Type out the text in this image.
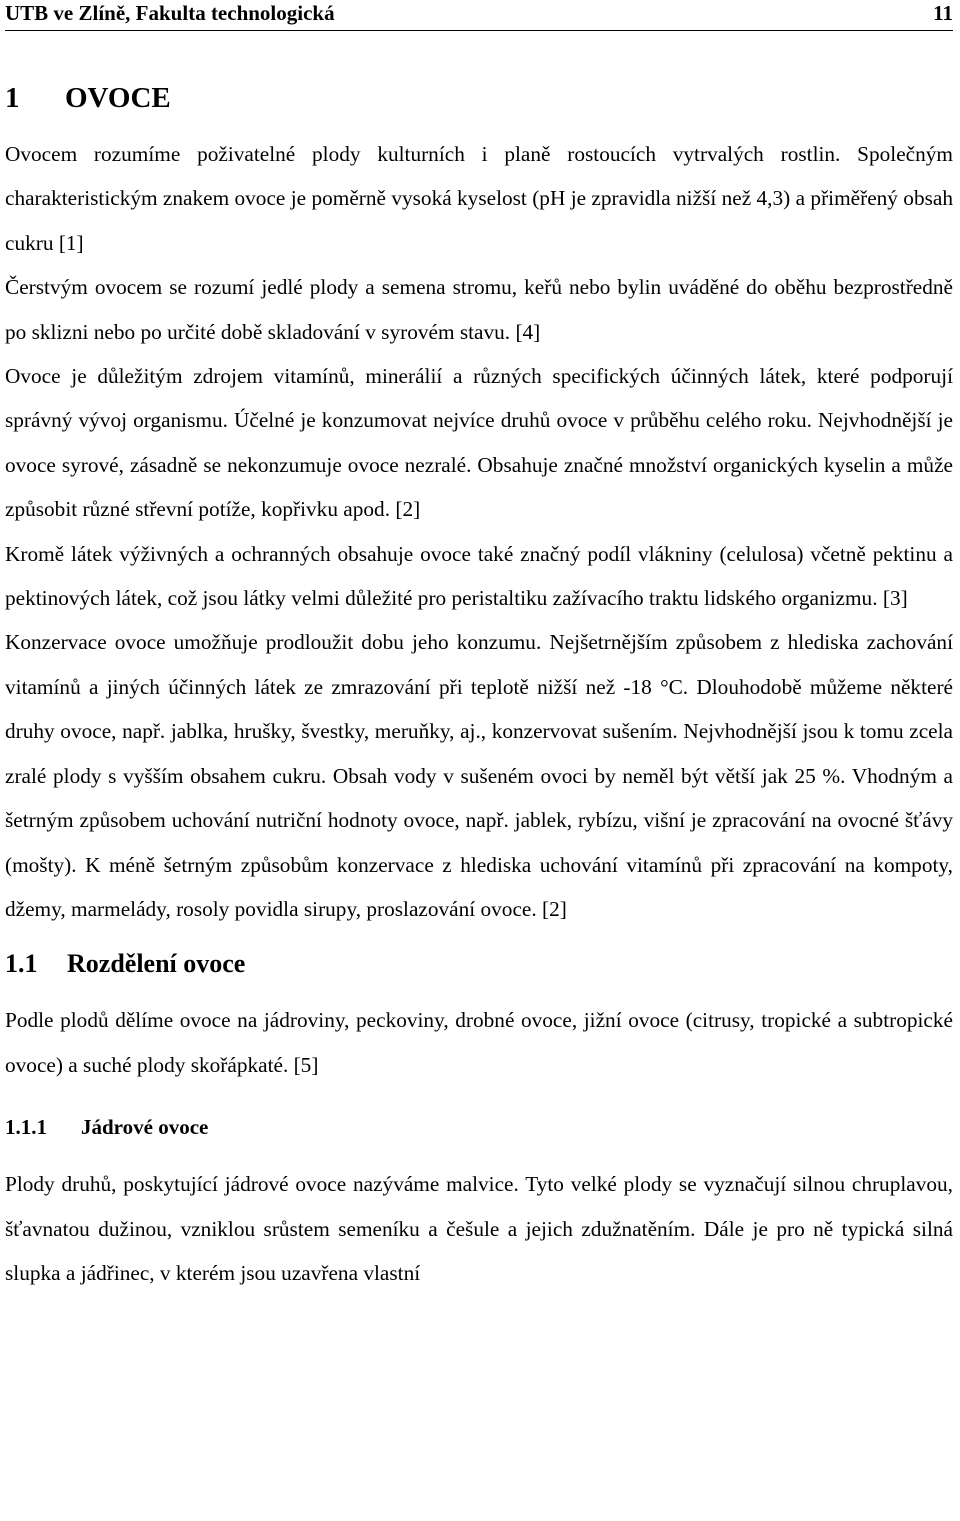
UTB ve Zlíně, Fakulta technologická	11
1 OVOCE

Ovocem rozumíme poživatelné plody kulturních i planě rostoucích vytrvalých rostlin. Společným charakteristickým znakem ovoce je poměrně vysoká kyselost (pH je zpravidla nižší než 4,3) a přiměřený obsah cukru [1]

Čerstvým ovocem se rozumí jedlé plody a semena stromu, keřů nebo bylin uváděné do oběhu bezprostředně po sklizni nebo po určité době skladování v syrovém stavu. [4]

Ovoce je důležitým zdrojem vitamínů, minerálií a různých specifických účinných látek, které podporují správný vývoj organismu. Účelné je konzumovat nejvíce druhů ovoce v průběhu celého roku. Nejvhodnější je ovoce syrové, zásadně se nekonzumuje ovoce nezralé. Obsahuje značné množství organických kyselin a může způsobit různé střevní potíže, kopřivku apod. [2]

Kromě látek výživných a ochranných obsahuje ovoce také značný podíl vlákniny (celulosa) včetně pektinu a pektinových látek, což jsou látky velmi důležité pro peristaltiku zažívacího traktu lidského organizmu. [3]

Konzervace ovoce umožňuje prodloužit dobu jeho konzumu. Nejšetrnějším způsobem z hlediska zachování vitamínů a jiných účinných látek ze zmrazování při teplotě nižší než -18 °C. Dlouhodobě můžeme některé druhy ovoce, např. jablka, hrušky, švestky, meruňky, aj., konzervovat sušením. Nejvhodnější jsou k tomu zcela zralé plody s vyšším obsahem cukru. Obsah vody v sušeném ovoci by neměl být větší jak 25 %. Vhodným a šetrným způsobem uchování nutriční hodnoty ovoce, např. jablek, rybízu, višní je zpracování na ovocné šťávy (mošty). K méně šetrným způsobům konzervace z hlediska uchování vitamínů při zpracování na kompoty, džemy, marmelády, rosoly povidla sirupy, proslazování ovoce. [2]

1.1 Rozdělení ovoce

Podle plodů dělíme ovoce na jádroviny, peckoviny, drobné ovoce, jižní ovoce (citrusy, tropické a subtropické ovoce) a suché plody skořápkaté. [5]

1.1.1 Jádrové ovoce

Plody druhů, poskytující jádrové ovoce nazýváme malvice. Tyto velké plody se vyznačují silnou chruplavou, šťavnatou dužinou, vzniklou srůstem semeníku a češule a jejich zdužnatěním. Dále je pro ně typická silná slupka a jádřinec, v kterém jsou uzavřena vlastní
